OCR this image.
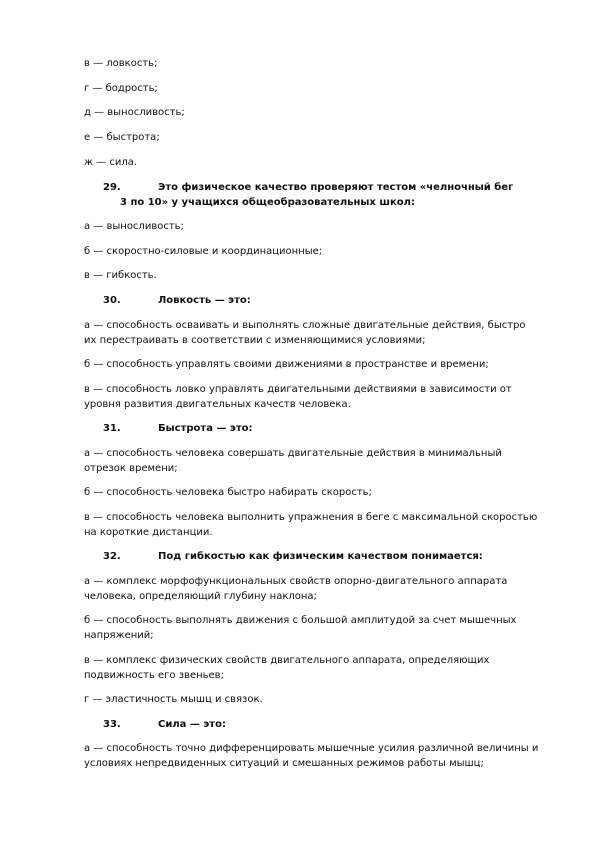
в — ловкость;

г — бодрость;

д — выносливость;

е — быстрота;

ж — сила.

29.	Это физическое качество проверяют тестом «челночный бег
3 по 10» у учащихся общеобразовательных школ:

а — выносливость;

б — скоростно-силовые и координационные;

в — гибкость.

30.	Ловкость — это:

а — способность осваивать и выполнять сложные двигательные действия, быстро их перестраивать в соответствии с изменяющимися условиями;

б — способность управлять своими движениями в пространстве и времени;

в — способность ловко управлять двигательными действиями в зависимости от уровня развития двигательных качеств человека.

31.	Быстрота — это:

а — способность человека совершать двигательные действия в минимальный отрезок времени;

б — способность человека быстро набирать скорость;

в — способность человека выполнить упражнения в беге с максимальной скоростью на короткие дистанции.

32.	Под гибкостью как физическим качеством понимается:

а — комплекс морфофункциональных свойств опорно-двигательного аппарата человека, определяющий глубину наклона;

б — способность выполнять движения с большой амплитудой за счет мышечных напряжений;

в — комплекс физических свойств двигательного аппарата, определяющих подвижность его звеньев;

г — эластичность мышц и связок.

33.	Сила — это:

а — способность точно дифференцировать мышечные усилия различной величины и условиях непредвиденных ситуаций и смешанных режимов работы мышц;
